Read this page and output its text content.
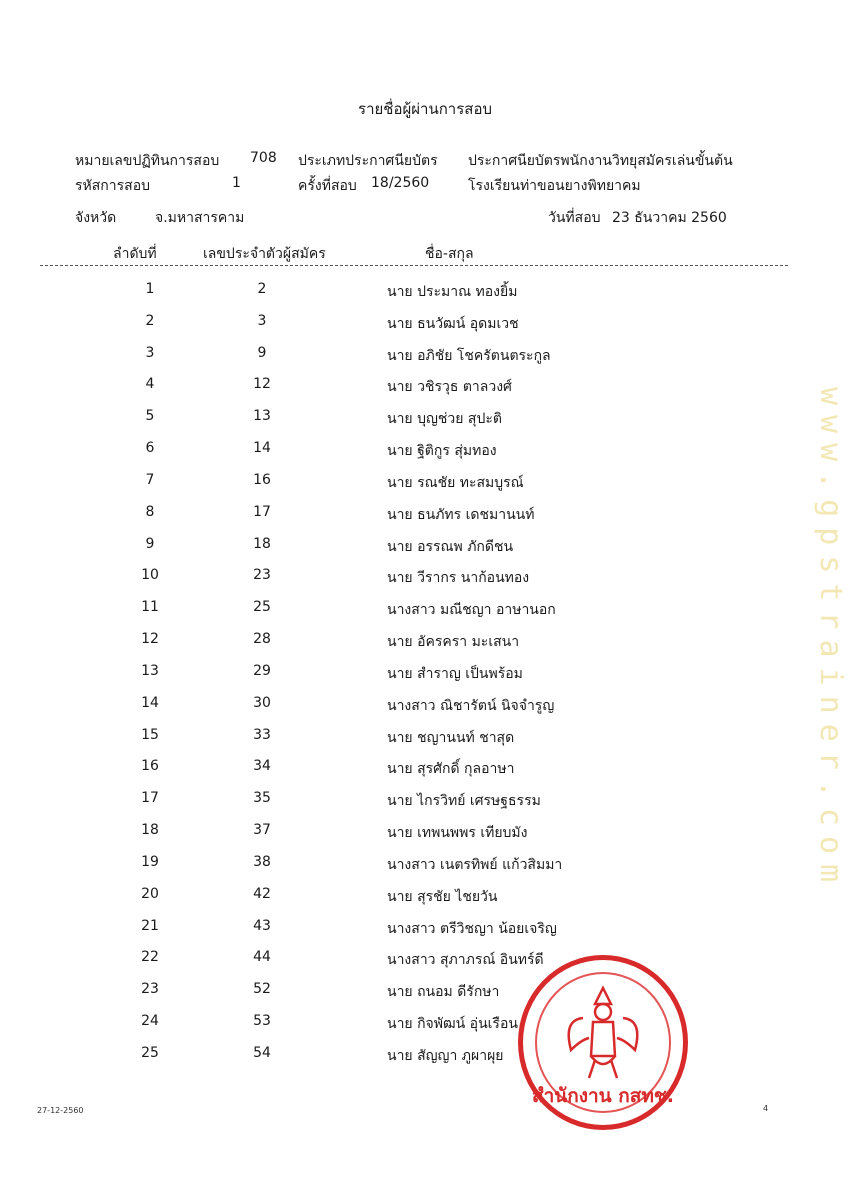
รายชื่อผู้ผ่านการสอบ
หมายเลขปฏิทินการสอบ 708 ประเภทประกาศนียบัตร ประกาศนียบัตรพนักงานวิทยุสมัครเล่นขั้นต้น
รหัสการสอบ	1	ครั้งที่สอบ 18/2560	โรงเรียนท่าขอนยางพิทยาคม
จังหวัด	จ.มหาสารคาม	วันที่สอบ 23 ธันวาคม 2560
ลำดับที่	เลขประจำตัวผู้สมัคร	ชื่อ-สกุล
1	2	นาย ประมาณ ทองยิ้ม
2	3	นาย ธนวัฒน์ อุดมเวช
3	9	นาย อภิชัย โชครัตนตระกูล
4	12	นาย วชิรวุธ ตาลวงศ์
5	13	นาย บุญช่วย สุปะติ
6	14	นาย ฐิติกูร สุ่มทอง
7	16	นาย รณชัย ทะสมบูรณ์
8	17	นาย ธนภัทร เดชมานนท์
9	18	นาย อรรณพ ภักดีชน
10	23	นาย วีรากร นาก้อนทอง
11	25	นางสาว มณีชญา อาษานอก
12	28	นาย อัครครา มะเสนา
13	29	นาย สำราญ เป็นพร้อม
14	30	นางสาว ณิชารัตน์ นิจจำรูญ
15	33	นาย ชญานนท์ ชาสุด
16	34	นาย สุรศักดิ์ กุลอาษา
17	35	นาย ไกรวิทย์ เศรษฐธรรม
18	37	นาย เทพนพพร เทียบมัง
19	38	นางสาว เนตรทิพย์ แก้วสิมมา
20	42	นาย สุรชัย ไชยวัน
21	43	นางสาว ตรีวิชญา น้อยเจริญ
22	44	นางสาว สุภาภรณ์ อินทร์ดี
23	52	นาย ถนอม ดีรักษา
24	53	นาย กิจพัฒน์ อุ่นเรือน
25	54	นาย สัญญา ภูผาผุย
27-12-2560	4
สำนักงาน กสทช.
www.gpstrainer.com
